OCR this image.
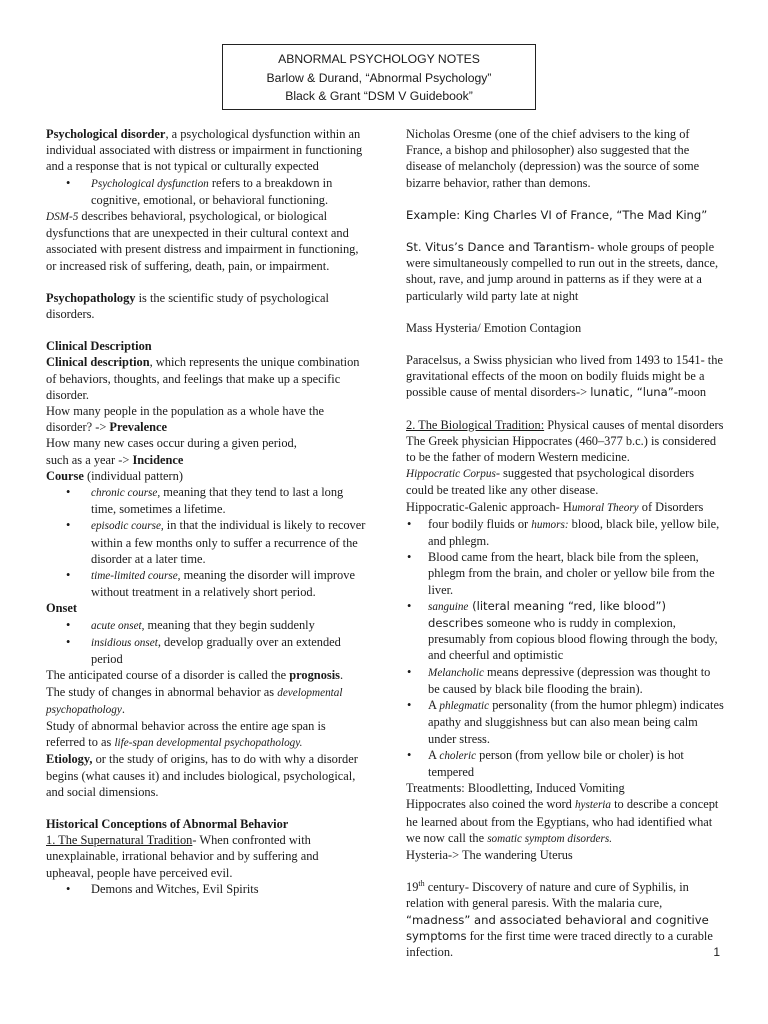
ABNORMAL PSYCHOLOGY NOTES
Barlow & Durand, “Abnormal Psychology”
Black & Grant “DSM V Guidebook”
Psychological disorder, a psychological dysfunction within an individual associated with distress or impairment in functioning and a response that is not typical or culturally expected
• Psychological dysfunction refers to a breakdown in cognitive, emotional, or behavioral functioning.
DSM-5 describes behavioral, psychological, or biological dysfunctions that are unexpected in their cultural context and associated with present distress and impairment in functioning, or increased risk of suffering, death, pain, or impairment.
Psychopathology is the scientific study of psychological disorders.
Clinical Description
Clinical description, which represents the unique combination of behaviors, thoughts, and feelings that make up a specific disorder.
How many people in the population as a whole have the disorder? -> Prevalence
How many new cases occur during a given period,
such as a year -> Incidence
Course (individual pattern)
• chronic course, meaning that they tend to last a long time, sometimes a lifetime.
• episodic course, in that the individual is likely to recover within a few months only to suffer a recurrence of the disorder at a later time.
• time-limited course, meaning the disorder will improve without treatment in a relatively short period.
Onset
• acute onset, meaning that they begin suddenly
• insidious onset, develop gradually over an extended period
The anticipated course of a disorder is called the prognosis.
The study of changes in abnormal behavior as developmental psychopathology.
Study of abnormal behavior across the entire age span is referred to as life-span developmental psychopathology.
Etiology, or the study of origins, has to do with why a disorder begins (what causes it) and includes biological, psychological, and social dimensions.
Historical Conceptions of Abnormal Behavior
1. The Supernatural Tradition- When confronted with unexplainable, irrational behavior and by suffering and upheaval, people have perceived evil.
• Demons and Witches, Evil Spirits
Nicholas Oresme (one of the chief advisers to the king of France, a bishop and philosopher) also suggested that the disease of melancholy (depression) was the source of some bizarre behavior, rather than demons.
Example: King Charles VI of France, “The Mad King”
St. Vitus’s Dance and Tarantism- whole groups of people were simultaneously compelled to run out in the streets, dance, shout, rave, and jump around in patterns as if they were at a particularly wild party late at night
Mass Hysteria/ Emotion Contagion
Paracelsus, a Swiss physician who lived from 1493 to 1541- the gravitational effects of the moon on bodily fluids might be a possible cause of mental disorders-> lunatic, “luna”-moon
2. The Biological Tradition: Physical causes of mental disorders
The Greek physician Hippocrates (460–377 b.c.) is considered to be the father of modern Western medicine.
Hippocratic Corpus- suggested that psychological disorders could be treated like any other disease.
Hippocratic-Galenic approach- Humoral Theory of Disorders
• four bodily fluids or humors: blood, black bile, yellow bile, and phlegm.
• Blood came from the heart, black bile from the spleen, phlegm from the brain, and choler or yellow bile from the liver.
• sanguine (literal meaning “red, like blood”) describes someone who is ruddy in complexion, presumably from copious blood flowing through the body, and cheerful and optimistic
• Melancholic means depressive (depression was thought to be caused by black bile flooding the brain).
• A phlegmatic personality (from the humor phlegm) indicates apathy and sluggishness but can also mean being calm under stress.
• A choleric person (from yellow bile or choler) is hot tempered
Treatments: Bloodletting, Induced Vomiting
Hippocrates also coined the word hysteria to describe a concept he learned about from the Egyptians, who had identified what we now call the somatic symptom disorders.
Hysteria-> The wandering Uterus
19th century- Discovery of nature and cure of Syphilis, in relation with general paresis. With the malaria cure, “madness” and associated behavioral and cognitive symptoms for the first time were traced directly to a curable infection.	1
